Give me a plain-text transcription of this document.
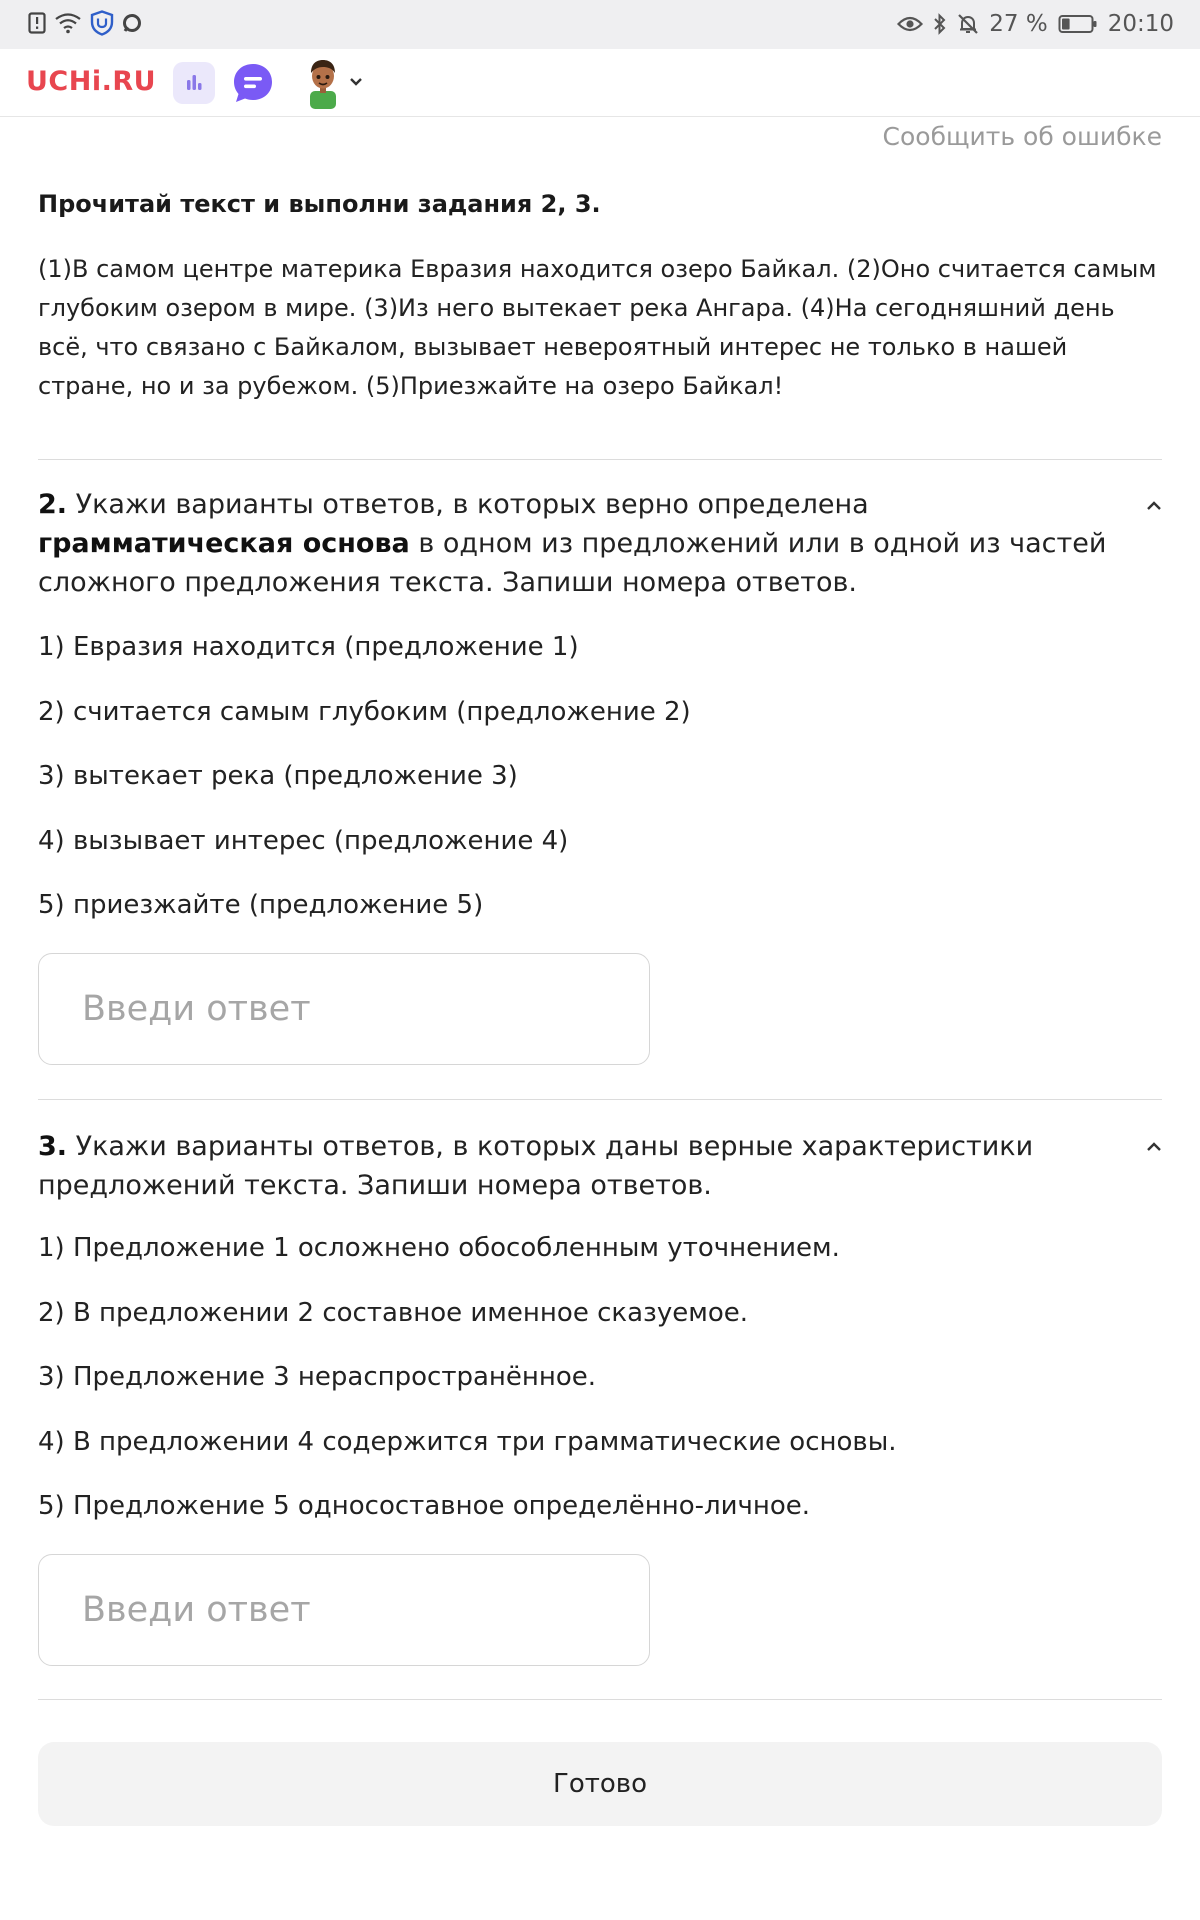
27 %	20:10
UCHi.RU
Сообщить об ошибке
Прочитай текст и выполни задания 2, 3.

(1)В самом центре материка Евразия находится озеро Байкал. (2)Оно считается самым глубоким озером в мире. (3)Из него вытекает река Ангара. (4)На сегодняшний день всё, что связано с Байкалом, вызывает невероятный интерес не только в нашей стране, но и за рубежом. (5)Приезжайте на озеро Байкал!

2. Укажи варианты ответов, в которых верно определена грамматическая основа в одном из предложений или в одной из частей сложного предложения текста. Запиши номера ответов.
1) Евразия находится (предложение 1)
2) считается самым глубоким (предложение 2)
3) вытекает река (предложение 3)
4) вызывает интерес (предложение 4)
5) приезжайте (предложение 5)
Введи ответ
3. Укажи варианты ответов, в которых даны верные характеристики предложений текста. Запиши номера ответов.
1) Предложение 1 осложнено обособленным уточнением.
2) В предложении 2 составное именное сказуемое.
3) Предложение 3 нераспространённое.
4) В предложении 4 содержится три грамматические основы.
5) Предложение 5 односоставное определённо-личное.
Введи ответ
Готово
